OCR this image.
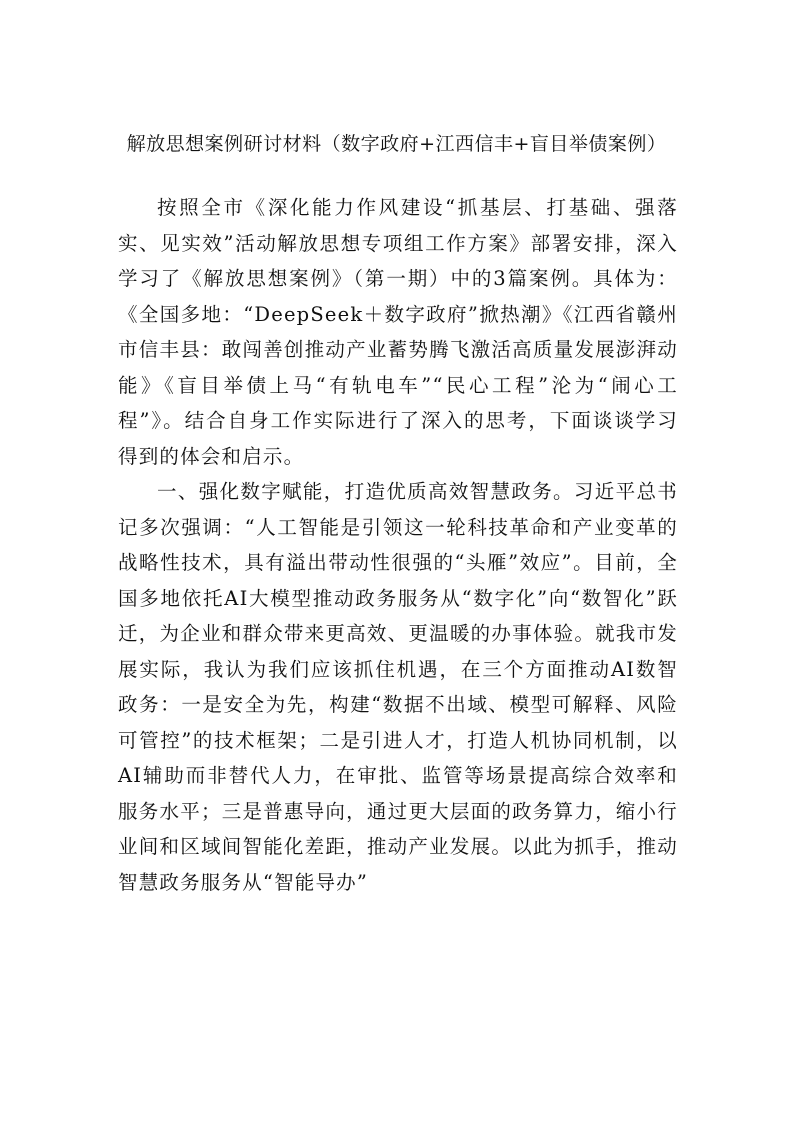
解放思想案例研讨材料（数字政府+江西信丰+盲目举债案例）

按照全市《深化能力作风建设“抓基层、打基础、强落实、见实效”活动解放思想专项组工作方案》部署安排，深入学习了《解放思想案例》（第一期）中的3篇案例。具体为：《全国多地：“DeepSeek＋数字政府”掀热潮》《江西省赣州市信丰县：敢闯善创推动产业蓄势腾飞激活高质量发展澎湃动能》《盲目举债上马“有轨电车”“民心工程”沦为“闹心工程”》。结合自身工作实际进行了深入的思考，下面谈谈学习得到的体会和启示。

一、强化数字赋能，打造优质高效智慧政务。习近平总书记多次强调：“人工智能是引领这一轮科技革命和产业变革的战略性技术，具有溢出带动性很强的“头雁”效应”。目前，全国多地依托AI大模型推动政务服务从“数字化”向“数智化”跃迁，为企业和群众带来更高效、更温暖的办事体验。就我市发展实际，我认为我们应该抓住机遇，在三个方面推动AI数智政务：一是安全为先，构建“数据不出域、模型可解释、风险可管控”的技术框架；二是引进人才，打造人机协同机制，以AI辅助而非替代人力，在审批、监管等场景提高综合效率和服务水平；三是普惠导向，通过更大层面的政务算力，缩小行业间和区域间智能化差距，推动产业发展。以此为抓手，推动智慧政务服务从“智能导办”
